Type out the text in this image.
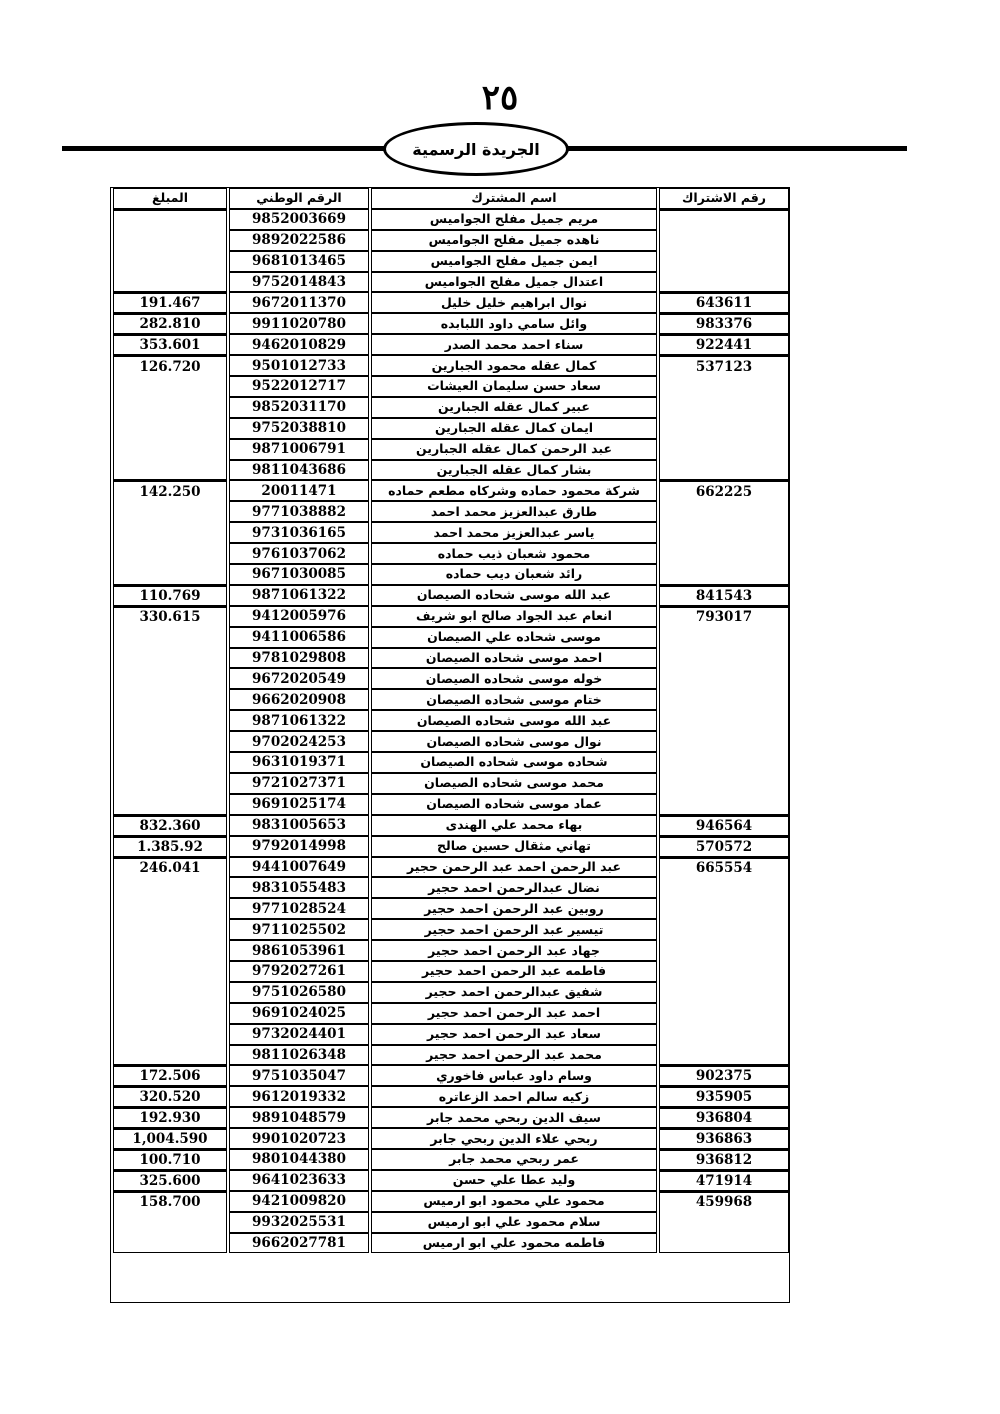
٢٥
الجريدة الرسمية
المبلغ	الرقم الوطني	اسم المشترك	رقم الاشتراك
	9852003669	مريم جميل مفلح الجواميس	
	9892022586	ناهده جميل مفلح الجواميس	
	9681013465	ايمن جميل مفلح الجواميس	
	9752014843	اعتدال جميل مفلح الجواميس	
191.467	9672011370	نوال ابراهيم خليل خليل	643611
282.810	9911020780	وائل سامي داود اللبابده	983376
353.601	9462010829	سناء احمد محمد الصدر	922441
126.720	9501012733	كمال عقله محمود الجبارين	537123
	9522012717	سعاد حسن سليمان العيشات	
	9852031170	عبير كمال عقله الجبارين	
	9752038810	ايمان كمال عقله الجبارين	
	9871006791	عبد الرحمن كمال عقله الجبارين	
	9811043686	بشار كمال عقله الجبارين	
142.250	20011471	شركة محمود حماده وشركاه مطعم حماده	662225
	9771038882	طارق عبدالعزيز محمد احمد	
	9731036165	ياسر عبدالعزيز محمد احمد	
	9761037062	محمود شعبان ذيب حماده	
	9671030085	رائد شعبان ديب حماده	
110.769	9871061322	عبد الله موسى شحاده الصيصان	841543
330.615	9412005976	انعام عبد الجواد صالح ابو شريف	793017
	9411006586	موسى شحاده علي الصيصان	
	9781029808	احمد موسى شحاده الصيصان	
	9672020549	خوله موسى شحاده الصيصان	
	9662020908	ختام موسى شحاده الصيصان	
	9871061322	عبد الله موسى شحاده الصيصان	
	9702024253	نوال موسى شحاده الصيصان	
	9631019371	شحاده موسى شحاده الصيصان	
	9721027371	محمد موسى شحاده الصيصان	
	9691025174	عماد موسى شحاده الصيصان	
832.360	9831005653	بهاء محمد علي الهندى	946564
1.385.92	9792014998	تهاني مثقال حسين صالح	570572
246.041	9441007649	عبد الرحمن احمد عبد الرحمن حجير	665554
	9831055483	نضال عبدالرحمن احمد حجير	
	9771028524	روبين عبد الرحمن احمد حجير	
	9711025502	تيسير عبد الرحمن احمد حجير	
	9861053961	جهاد عبد الرحمن احمد حجير	
	9792027261	فاطمه عبد الرحمن احمد حجير	
	9751026580	شفيق عبدالرحمن احمد حجير	
	9691024025	احمد عبد الرحمن احمد حجير	
	9732024401	سعاد عبد الرحمن احمد حجير	
	9811026348	محمد عبد الرحمن احمد حجير	
172.506	9751035047	وسام داود عباس فاخوري	902375
320.520	9612019332	زكيه سالم احمد الزعاتره	935905
192.930	9891048579	سيف الدين ربحي محمد جابر	936804
1,004.590	9901020723	ربحي علاء الدين ربحي جابر	936863
100.710	9801044380	عمر ربحي محمد جابر	936812
325.600	9641023633	وليد عطا علي حسن	471914
158.700	9421009820	محمود علي محمود ابو ارميس	459968
	9932025531	سلام محمود علي ابو ارميس	
	9662027781	فاطمه محمود علي ابو ارميس	
